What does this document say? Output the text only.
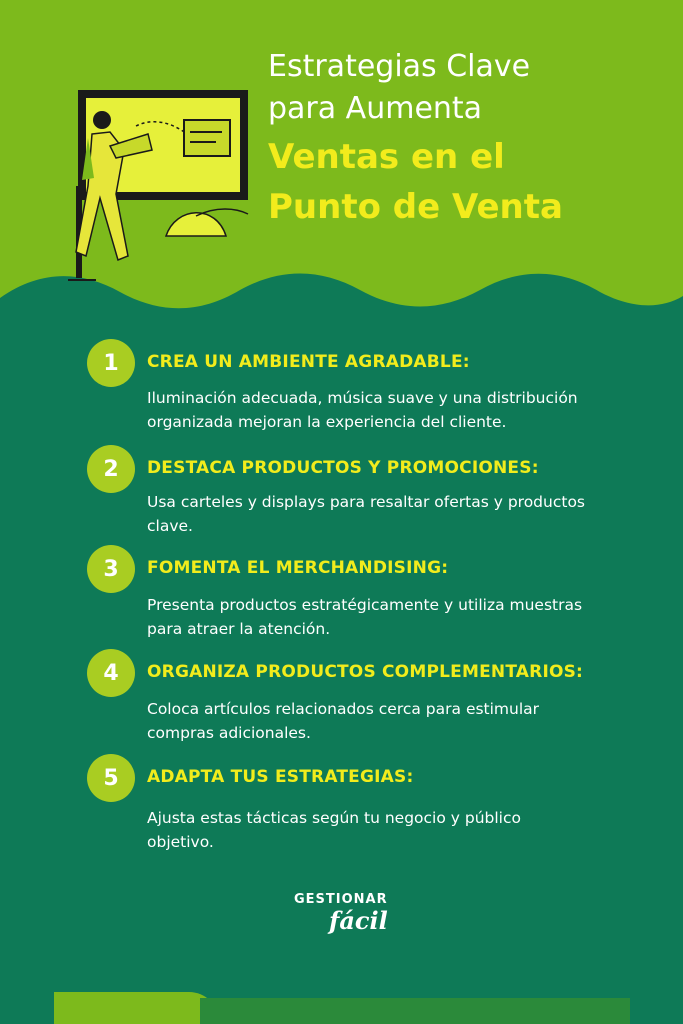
Estrategias Clave
para Aumenta
Ventas en el
Punto de Venta
1	CREA UN AMBIENTE AGRADABLE:
Iluminación adecuada, música suave y una distribución
organizada mejoran la experiencia del cliente.
2	DESTACA PRODUCTOS Y PROMOCIONES:
Usa carteles y displays para resaltar ofertas y productos
clave.
3	FOMENTA EL MERCHANDISING:
Presenta productos estratégicamente y utiliza muestras
para atraer la atención.
4	ORGANIZA PRODUCTOS COMPLEMENTARIOS:
Coloca artículos relacionados cerca para estimular
compras adicionales.
5	ADAPTA TUS ESTRATEGIAS:
Ajusta estas tácticas según tu negocio y público
objetivo.
GESTIONAR
fácil
